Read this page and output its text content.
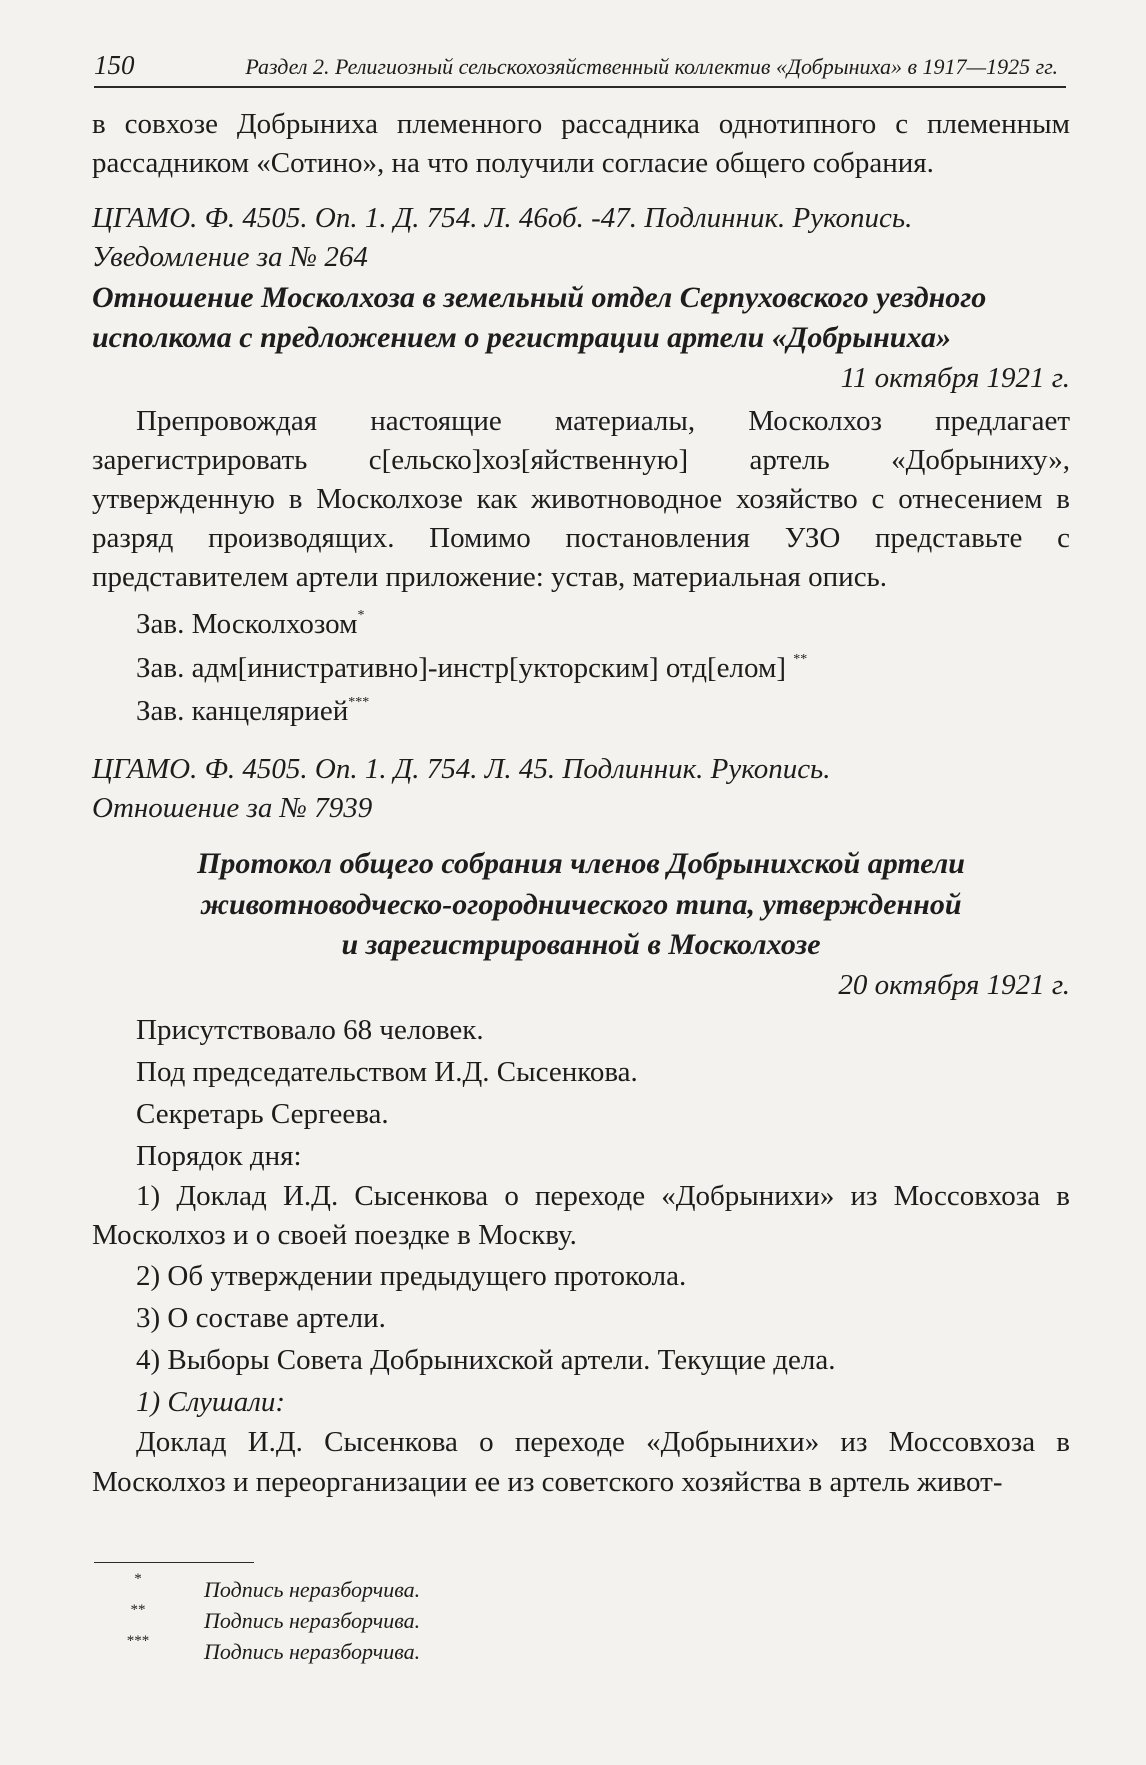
150	Раздел 2. Религиозный сельскохозяйственный коллектив «Добрыниха» в 1917—1925 гг.

в совхозе Добрыниха племенного рассадника однотипного с племенным рассадником «Сотино», на что получили согласие общего собрания.

ЦГАМО. Ф. 4505. Оп. 1. Д. 754. Л. 46об. -47. Подлинник. Рукопись.

Уведомление за № 264

Отношение Москолхоза в земельный отдел Серпуховского уездного исполкома с предложением о регистрации артели «Добрыниха»

11 октября 1921 г.

Препровождая настоящие материалы, Москолхоз предлагает зарегистрировать с[ельско]хоз[яйственную] артель «Добрыниху», утвержденную в Москолхозе как животноводное хозяйство с отнесением в разряд производящих. Помимо постановления УЗО представьте с представителем артели приложение: устав, материальная опись.

Зав. Москолхозом*

Зав. адм[инистративно]-инстр[укторским] отд[елом] **

Зав. канцелярией***

ЦГАМО. Ф. 4505. Оп. 1. Д. 754. Л. 45. Подлинник. Рукопись.

Отношение за № 7939

Протокол общего собрания членов Добрынихской артели

животноводческо-огороднического типа, утвержденной

и зарегистрированной в Москолхозе

20 октября 1921 г.

Присутствовало 68 человек.

Под председательством И.Д. Сысенкова.

Секретарь Сергеева.

Порядок дня:

1) Доклад И.Д. Сысенкова о переходе «Добрынихи» из Моссовхоза в Москолхоз и о своей поездке в Москву.

2) Об утверждении предыдущего протокола.

3) О составе артели.

4) Выборы Совета Добрынихской артели. Текущие дела.

1) Слушали:

Доклад И.Д. Сысенкова о переходе «Добрынихи» из Моссовхоза в Москолхоз и переорганизации ее из советского хозяйства в артель живот-

*	Подпись неразборчива.
**	Подпись неразборчива.
***	Подпись неразборчива.
